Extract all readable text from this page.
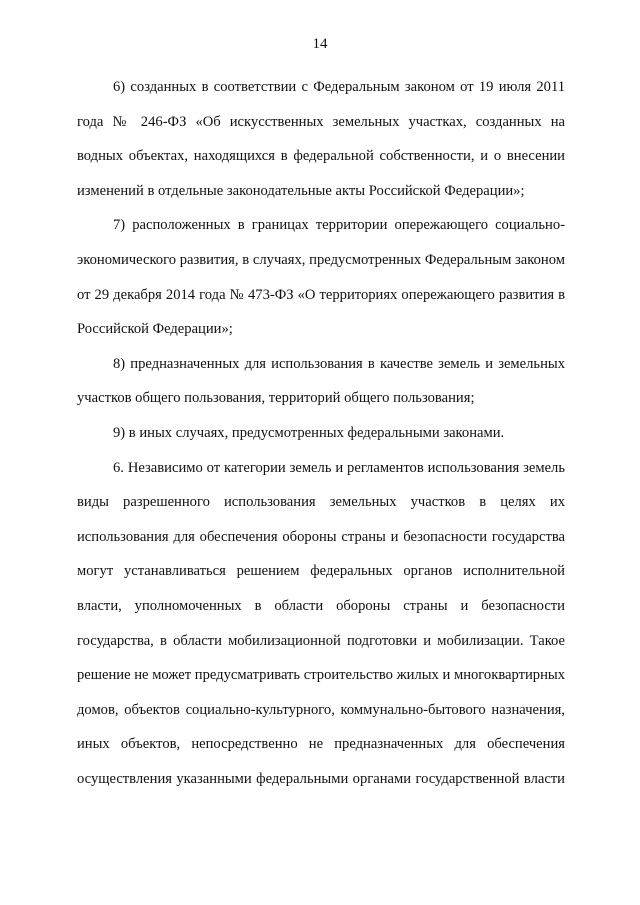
14

6) созданных в соответствии с Федеральным законом от 19 июля 2011 года № 246-ФЗ «Об искусственных земельных участках, созданных на водных объектах, находящихся в федеральной собственности, и о внесении изменений в отдельные законодательные акты Российской Федерации»;

7) расположенных в границах территории опережающего социально-экономического развития, в случаях, предусмотренных Федеральным законом от 29 декабря 2014 года № 473-ФЗ «О территориях опережающего развития в Российской Федерации»;

8) предназначенных для использования в качестве земель и земельных участков общего пользования, территорий общего пользования;

9) в иных случаях, предусмотренных федеральными законами.

6. Независимо от категории земель и регламентов использования земель виды разрешенного использования земельных участков в целях их использования для обеспечения обороны страны и безопасности государства могут устанавливаться решением федеральных органов исполнительной власти, уполномоченных в области обороны страны и безопасности государства, в области мобилизационной подготовки и мобилизации. Такое решение не может предусматривать строительство жилых и многоквартирных домов, объектов социально-культурного, коммунально-бытового назначения, иных объектов, непосредственно не предназначенных для обеспечения осуществления указанными федеральными органами государственной власти
